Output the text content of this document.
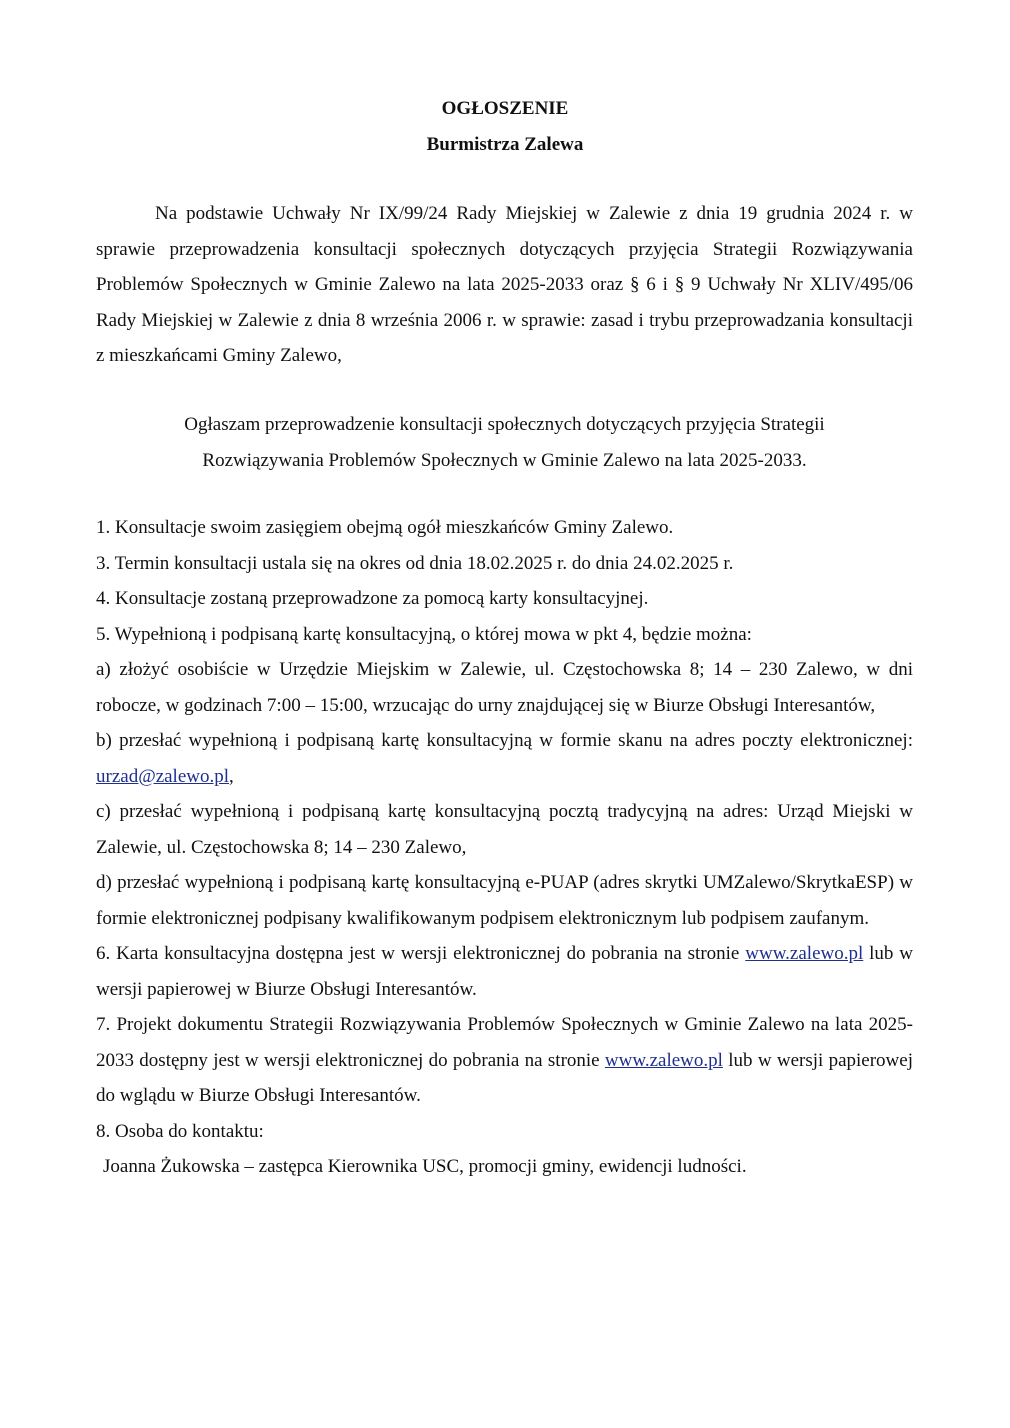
OGŁOSZENIE
Burmistrza Zalewa
Na podstawie Uchwały Nr IX/99/24 Rady Miejskiej w Zalewie z dnia 19 grudnia 2024 r. w sprawie przeprowadzenia konsultacji społecznych dotyczących przyjęcia Strategii Rozwiązywania Problemów Społecznych w Gminie Zalewo na lata 2025-2033 oraz § 6 i § 9 Uchwały Nr XLIV/495/06 Rady Miejskiej w Zalewie z dnia 8 września 2006 r. w sprawie: zasad i trybu przeprowadzania konsultacji z mieszkańcami Gminy Zalewo,
Ogłaszam przeprowadzenie konsultacji społecznych dotyczących przyjęcia Strategii
Rozwiązywania Problemów Społecznych w Gminie Zalewo na lata 2025-2033.

1. Konsultacje swoim zasięgiem obejmą ogół mieszkańców Gminy Zalewo.

3. Termin konsultacji ustala się na okres od dnia 18.02.2025 r. do dnia 24.02.2025 r.

4. Konsultacje zostaną przeprowadzone za pomocą karty konsultacyjnej.

5. Wypełnioną i podpisaną kartę konsultacyjną, o której mowa w pkt 4, będzie można:

a) złożyć osobiście w Urzędzie Miejskim w Zalewie, ul. Częstochowska 8; 14 – 230 Zalewo, w dni robocze, w godzinach 7:00 – 15:00, wrzucając do urny znajdującej się w Biurze Obsługi Interesantów,

b) przesłać wypełnioną i podpisaną kartę konsultacyjną w formie skanu na adres poczty elektronicznej: urzad@zalewo.pl,

c) przesłać wypełnioną i podpisaną kartę konsultacyjną pocztą tradycyjną na adres: Urząd Miejski w Zalewie, ul. Częstochowska 8; 14 – 230 Zalewo,

d) przesłać wypełnioną i podpisaną kartę konsultacyjną e-PUAP (adres skrytki UMZalewo/SkrytkaESP) w formie elektronicznej podpisany kwalifikowanym podpisem elektronicznym lub podpisem zaufanym.

6. Karta konsultacyjna dostępna jest w wersji elektronicznej do pobrania na stronie www.zalewo.pl lub w wersji papierowej w Biurze Obsługi Interesantów.

7. Projekt dokumentu Strategii Rozwiązywania Problemów Społecznych w Gminie Zalewo na lata 2025-2033 dostępny jest w wersji elektronicznej do pobrania na stronie www.zalewo.pl lub w wersji papierowej do wglądu w Biurze Obsługi Interesantów.

8. Osoba do kontaktu:

Joanna Żukowska – zastępca Kierownika USC, promocji gminy, ewidencji ludności.
